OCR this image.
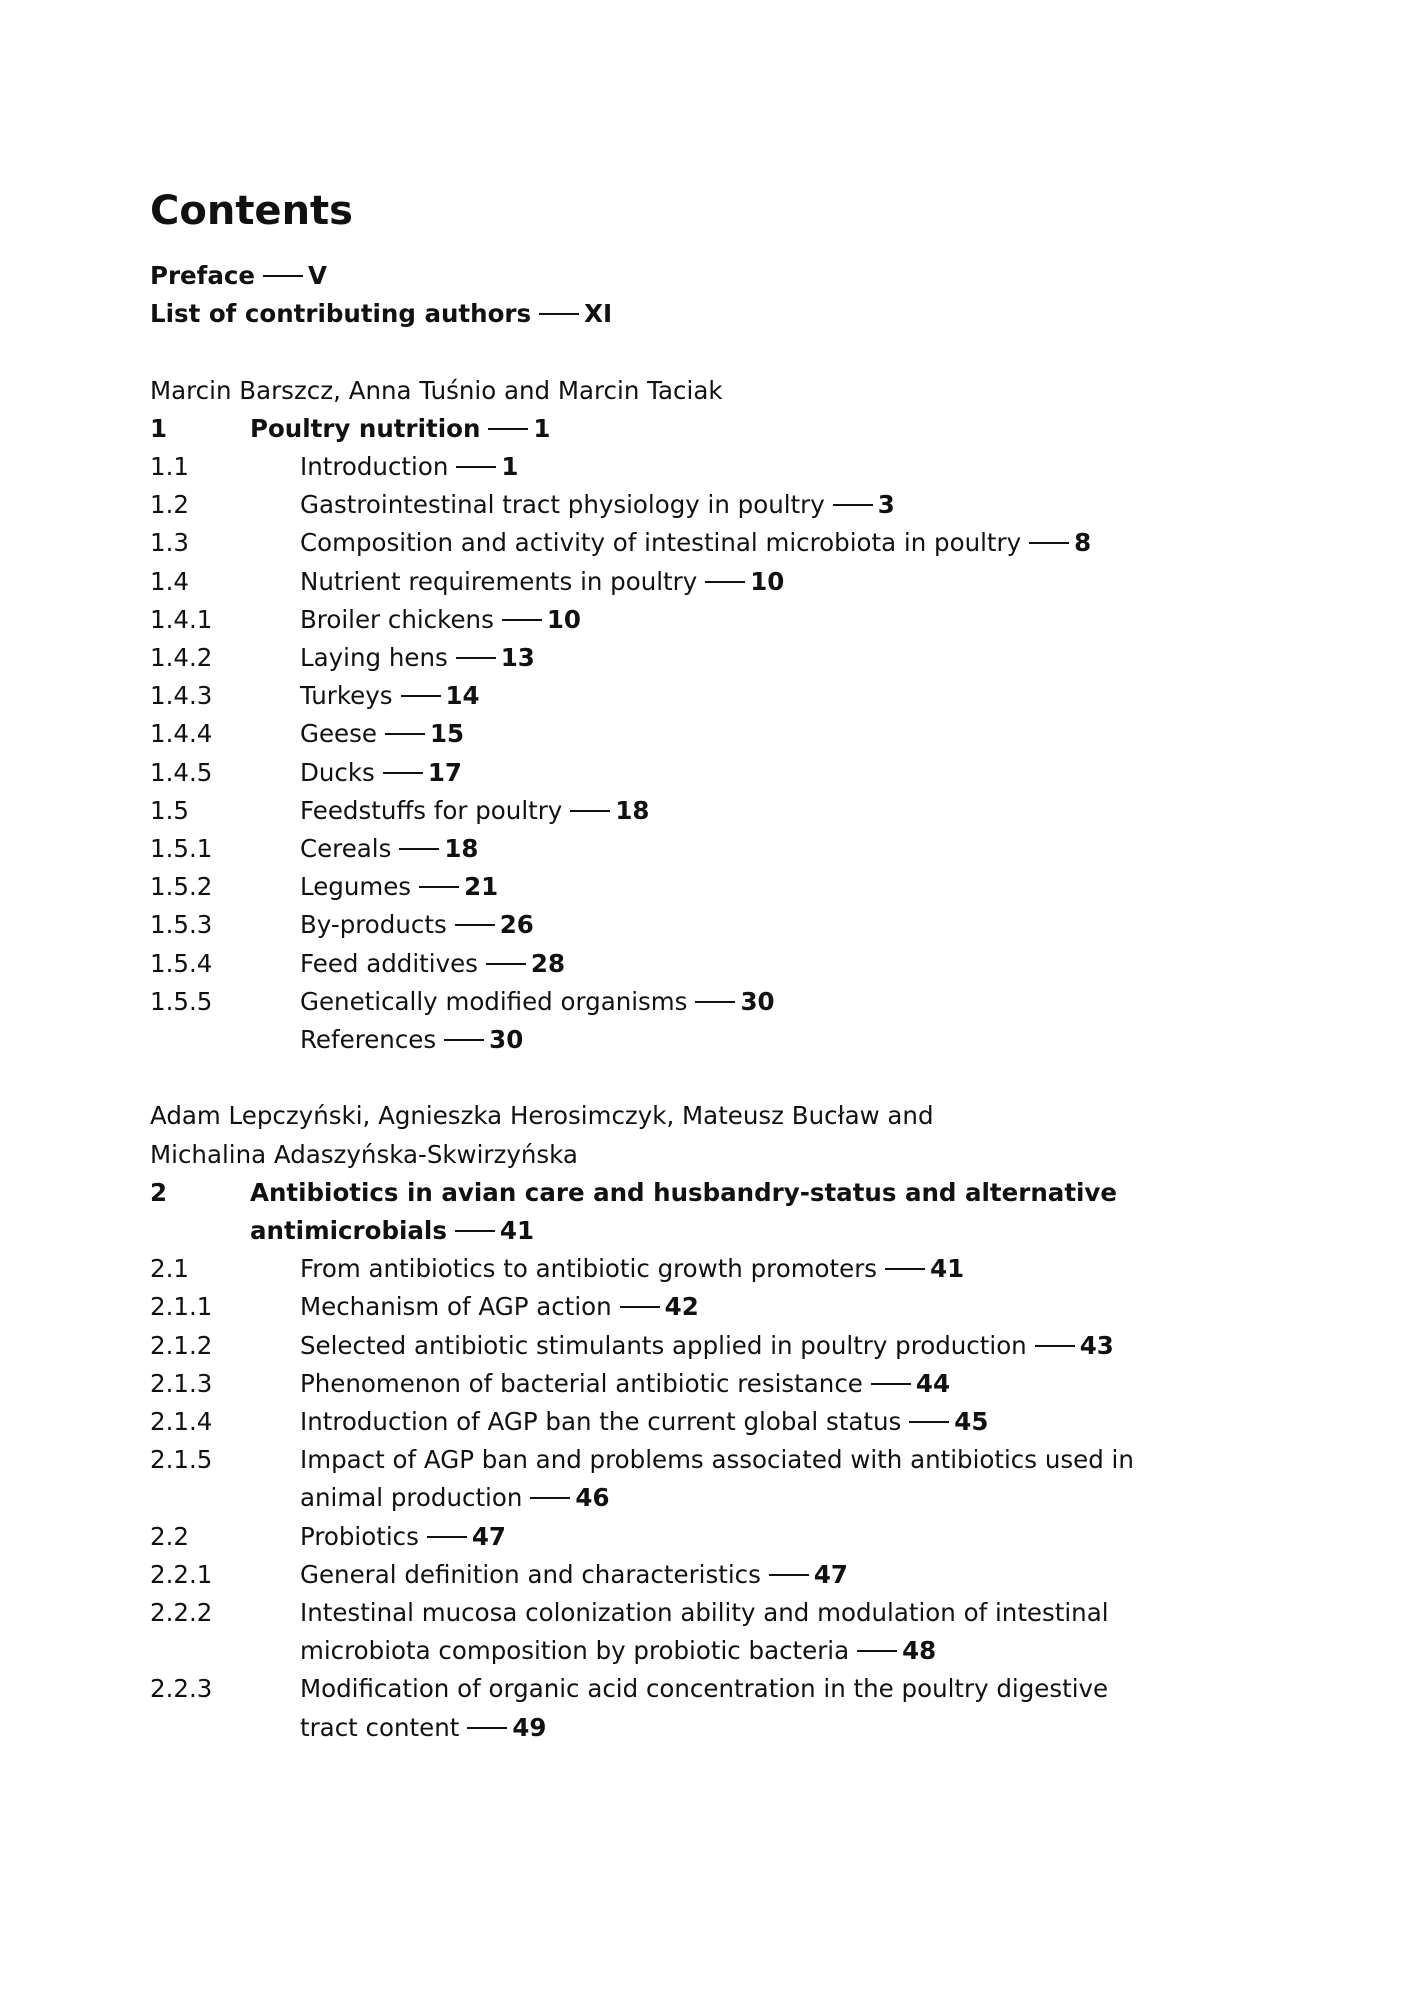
Contents
Preface V
List of contributing authors XI
Marcin Barszcz, Anna Tuśnio and Marcin Taciak
1	Poultry nutrition 1
1.1	Introduction 1
1.2	Gastrointestinal tract physiology in poultry 3
1.3	Composition and activity of intestinal microbiota in poultry 8
1.4	Nutrient requirements in poultry 10
1.4.1	Broiler chickens 10
1.4.2	Laying hens 13
1.4.3	Turkeys 14
1.4.4	Geese 15
1.4.5	Ducks 17
1.5	Feedstuffs for poultry 18
1.5.1	Cereals 18
1.5.2	Legumes 21
1.5.3	By-products 26
1.5.4	Feed additives 28
1.5.5	Genetically modified organisms 30
References 30
Adam Lepczyński, Agnieszka Herosimczyk, Mateusz Bucław and
Michalina Adaszyńska-Skwirzyńska
2	Antibiotics in avian care and husbandry-status and alternative antimicrobials 41
2.1	From antibiotics to antibiotic growth promoters 41
2.1.1	Mechanism of AGP action 42
2.1.2	Selected antibiotic stimulants applied in poultry production 43
2.1.3	Phenomenon of bacterial antibiotic resistance 44
2.1.4	Introduction of AGP ban the current global status 45
2.1.5	Impact of AGP ban and problems associated with antibiotics used in animal production 46
2.2	Probiotics 47
2.2.1	General definition and characteristics 47
2.2.2	Intestinal mucosa colonization ability and modulation of intestinal microbiota composition by probiotic bacteria 48
2.2.3	Modification of organic acid concentration in the poultry digestive tract content 49
